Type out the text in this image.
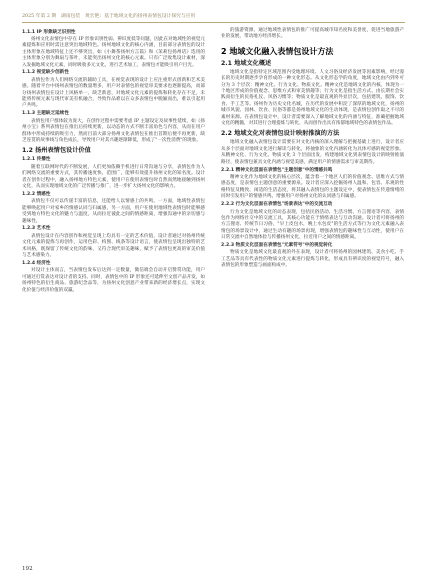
2025 年第 2 期　湖南包装　黄宏艳：基于地域文化的扬州表情包设计探究与应用
1.1.1 IP 形象缺乏识别性
扬州文化表情包中存在 IP 形象识别性弱、辨识度低等问题，因此在对地域性的视觉元素提炼和应用时需注意突出地域特色。扬州地域文化的核心内涵，目前部分表情包的设计主体形象在地域特征上还不够突出，如《小舞茶扬州方言篇》和《茉莉包扬州话》选用的主体形象分别为舞扇与茶叶，未能突出扬州文化的核心元素。只有广泛收集设计素材，深入发掘地域文化元素，同时吸收多元文化，进行艺术加工，表情包才能吸引用户目光。
1.1.2 视觉缺少创新性
表情包作为人们网络交流的辅助工具，在视觉表现的设计上应注重形式创新和艺术美感。随着平台中扬州表情包的数量增多，用户对表情包的视觉审美要求也逐渐提高，而部分扬州表情包在设计上风格单一、缺乏新意，对地域文化元素的提炼和转化存在不足，未能将传统元素与现代审美有机融合，导致作品难以在众多表情包中脱颖而出，难以引起用户共鸣。
1.1.3 主题缺乏延续性
表情包用户群体较为庞大，在创作过程中需要考虑 IP 主题设定及故事性延续，如《扬州小宝》系列表情包在推出后持续更新，以动态的方式不断丰富角色与内容，从而在用户群体中形成持续的吸引力，然而目前大部分扬州文化表情包在推出首期后便不再更新，缺乏连贯的故事线与角色成长，导致用户对其兴趣逐渐降低，形成了"一次性消费"的现象。
1.2 扬州表情包设计价值
1.2.1 传播性
随着互联网时代的不断发展，人们更加依赖手机进行日常沟通与分享，表情包作为人们网络交流的重要方式，其传播速度快、范围广，能够有效提升扬州文化的知名度。设计者在创作过程中，融入扬州地方特色元素，使用户在使用表情包时自然而然地接触到扬州文化，从而实现地域文化的广泛传播与推广，进一步扩大扬州文化的影响力。
1.2.2 情感性
表情包不仅可以传递丰富的信息，还能给人以情感上的共鸣。一方面，地域性表情包能够唤起用户对家乡的情感认同与归属感，另一方面，用户在使用地域性表情包时能够感受到地方特色文化的魅力与温度，从而拉近彼此之间的情感距离，增强沟通中的亲切感与趣味性。
1.2.3 艺术性
表情包设计在内容创作和视觉呈现上均具有一定的艺术价值，设计者通过对扬州传统文化元素的提炼与再创作，运用色彩、构图、线条等设计语言，使表情包呈现出独特的艺术风格，既保留了传统文化的韵味，又符合现代审美趣味，赋予了表情包更高的审美价值与艺术感染力。
1.2.4 经济性
对设计主体而言，当表情包发布后达到一定数量，微信端会自动开启赞赏功能，用户可通过打赏表达对设计者的支持。同时，表情包中的 IP 形象还可延伸至文创产品开发，如扬州特色的衍生商品、旅游纪念品等，为扬州文化创意产业带来新的经济增长点，实现文化价值与经济价值的双赢。
的旅游资源，通过地域性表情包的推广可提高城市知名度和美誉度，促进当地旅游产业的发展，带动地方经济增长。
2 地域文化融入表情包设计方法
2.1 地域文化概述
地域文化是指特定区域范围内受地理环境、人文习俗及经济发展等因素影响，经过漫长的历史时期逐步孕育形成的一种文化形态。从文化形态学的角度，地域文化由内到外可分为 3 个层次：精神文化、行为文化、物质文化。精神文化是地域文化的内核，体现为一个地区形成的价值观念、思维方式和审美情趣等；行为文化是指生活方式、由长期社会实践而衍生的民俗礼仪、风俗习惯等；物质文化是最直观的外显层次，包括建筑、服饰、饮食、手工艺等。扬州作为历史文化名城，在历代的发展中积淀了深厚的地域文化，扬州的城市风貌、园林、饮食、民俗等都是扬州地域文化的生动体现，是表情包创作取之不尽的素材来源。在表情包设计中，设计者需要深入了解地域文化的内涵与特征，准确把握地域文化的精髓，对其进行合理提炼与转化，从而创作出具有浓郁地域特色的表情包作品。
2.2 地域文化对表情包设计映射推演的方法
地域文化融入表情包设计需要在对文化内核的深入理解与把握基础上进行，设计者应从多个层面对地域文化进行解读与转化，将抽象的文化内涵转化为具体可感的视觉形象。从精神文化、行为文化、物质文化 3 个层面出发，构建地域文化到表情包设计的映射推演路径，使表情包兼具文化内涵与视觉美感，满足用户的情感需求与审美期待。
2.2.1 精神文化层面在表情包"主题创意"中的情感共鸣
精神文化作为地域文化的核心层次，蕴含着一个地区人们的价值观念、思维方式与情感态度，是表情包主题创意的重要源泉。设计者应深入挖掘扬州人温和、包容、乐观的性格特征及精致、闲适的生活态度，将其融入表情包的主题设定中，使表情包在传递情绪的同时引发用户的情感共鸣，增强用户对扬州文化的认同感与归属感。
2.2.2 行为文化层面在表情包"场景表达"中的交流互动
行为文化是地域文化的动态表现，包括民俗活动、生活习惯、方言俚语等内容，表情包作为网络社交中的交流工具，其核心功能在于情绪表达与互动沟通。设计者可将扬州的方言俚语、传统节日习俗、"早上皮包水，晚上水包皮"的生活方式等行为文化元素融入表情包的场景设计中，通过生动有趣的场景再现，增强表情包的趣味性与互动性，使用户在日常交流中自然地体验与传播扬州文化，拉近用户之间的情感距离。
2.2.3 物质文化层面在表情包"元素符号"中的视觉转化
物质文化是地域文化最直观的外在表现，设计者可将扬州的园林建筑、美食小吃、手工艺品等具有代表性的物质文化元素进行提炼与转化，形成具有辨识度的视觉符号，融入表情包的形象塑造与画面构成中。
192
